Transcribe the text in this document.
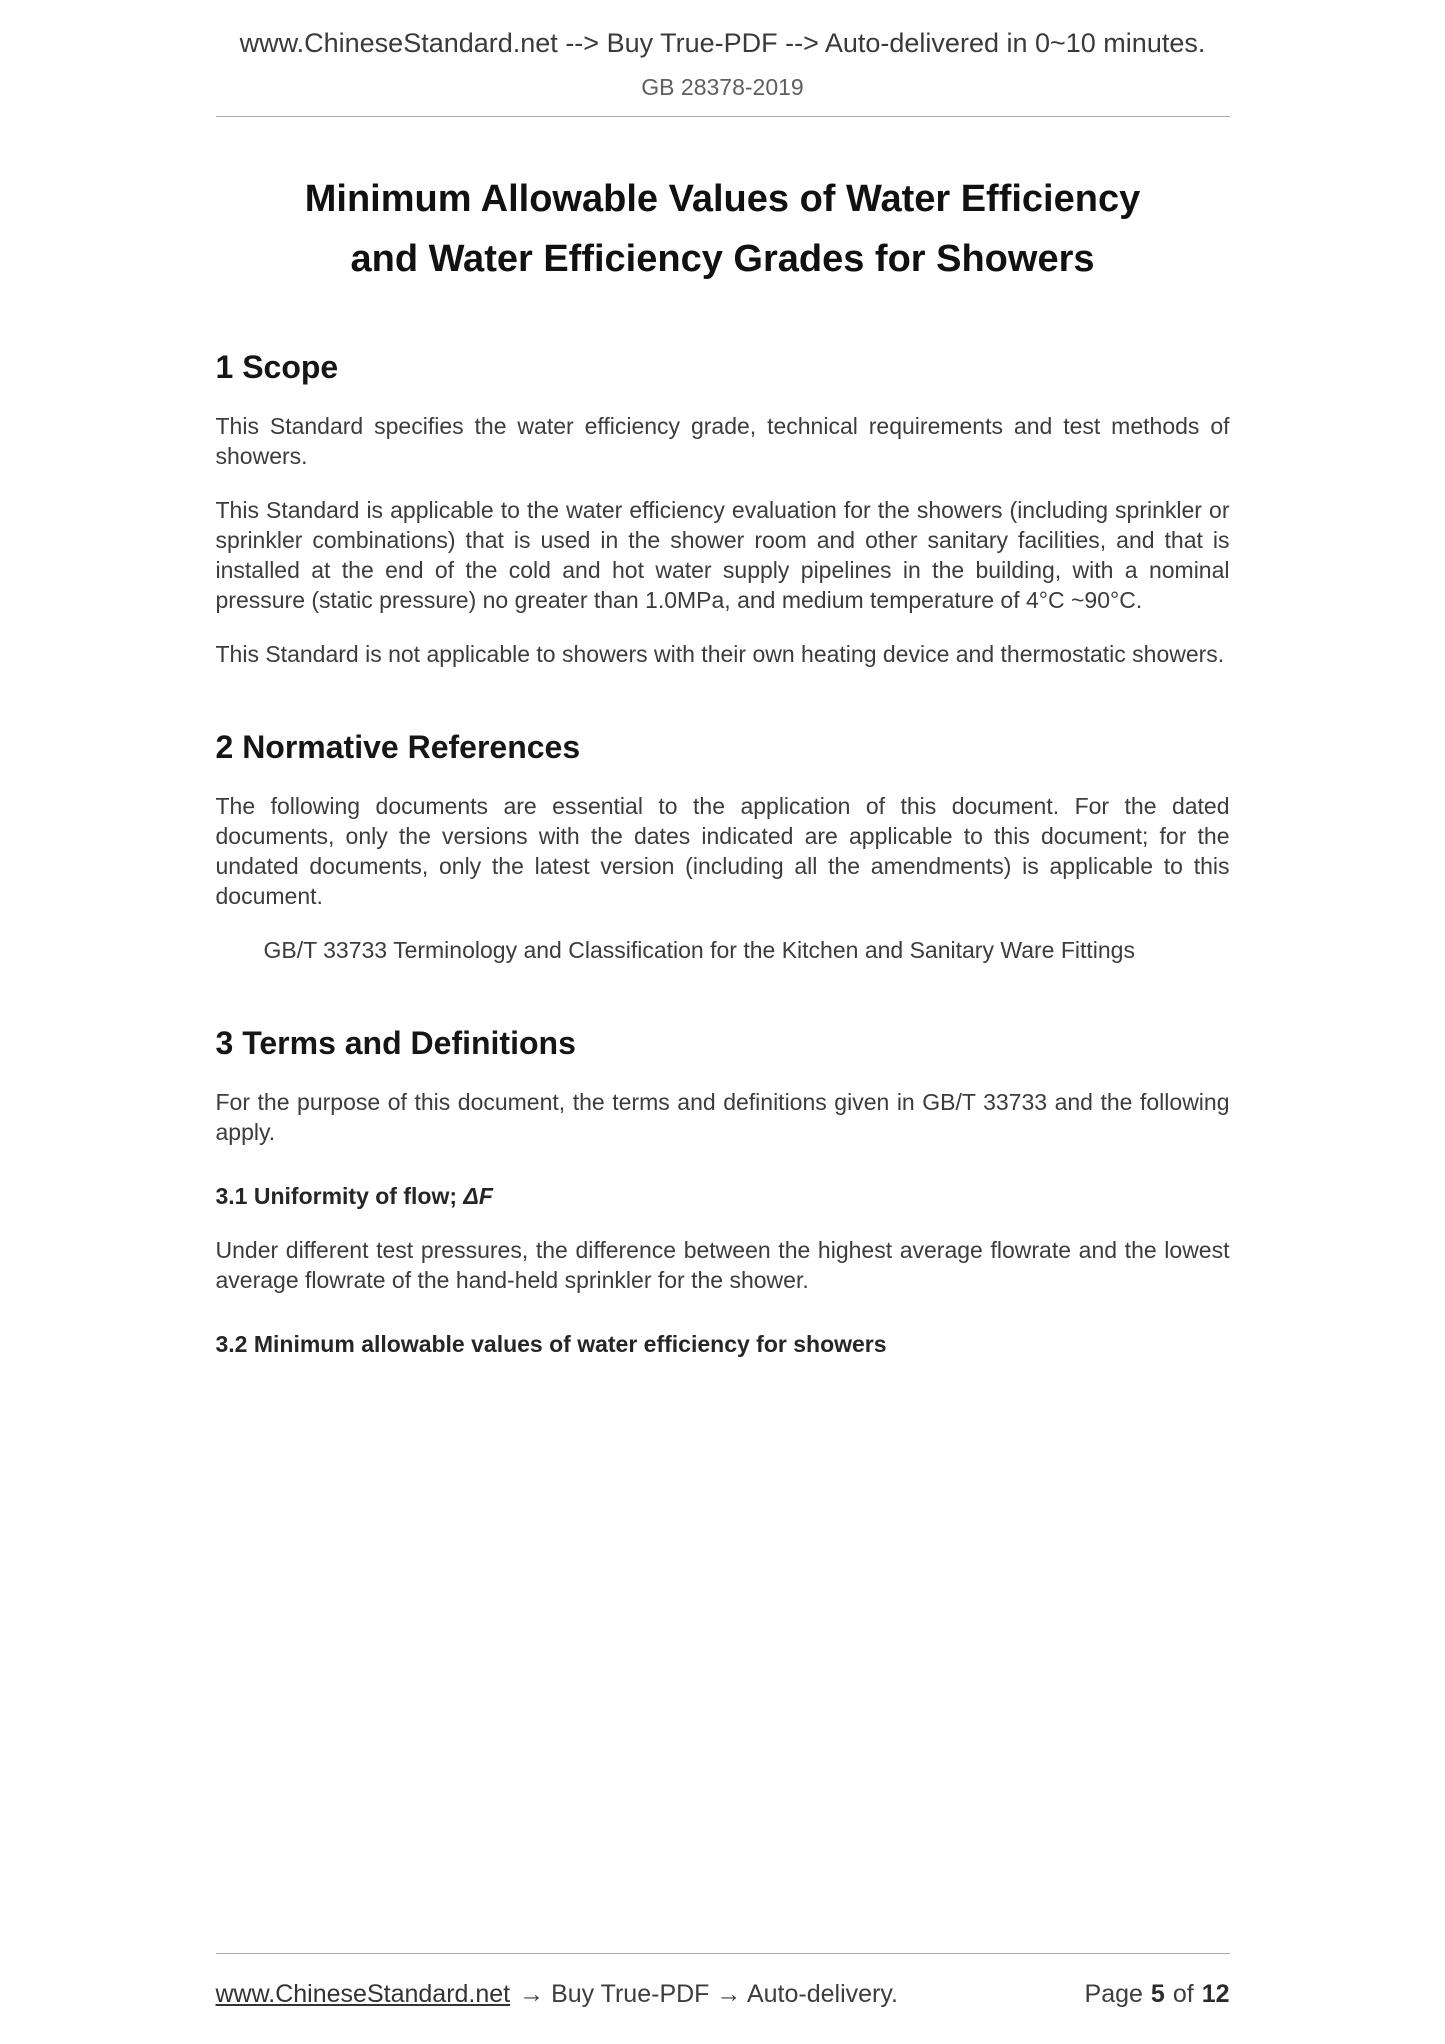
www.ChineseStandard.net --> Buy True-PDF --> Auto-delivered in 0~10 minutes.
GB 28378-2019
Minimum Allowable Values of Water Efficiency
and Water Efficiency Grades for Showers
1 Scope

This Standard specifies the water efficiency grade, technical requirements and test methods of showers.

This Standard is applicable to the water efficiency evaluation for the showers (including sprinkler or sprinkler combinations) that is used in the shower room and other sanitary facilities, and that is installed at the end of the cold and hot water supply pipelines in the building, with a nominal pressure (static pressure) no greater than 1.0MPa, and medium temperature of 4°C ~90°C.

This Standard is not applicable to showers with their own heating device and thermostatic showers.

2 Normative References

The following documents are essential to the application of this document. For the dated documents, only the versions with the dates indicated are applicable to this document; for the undated documents, only the latest version (including all the amendments) is applicable to this document.

GB/T 33733 Terminology and Classification for the Kitchen and Sanitary Ware Fittings

3 Terms and Definitions

For the purpose of this document, the terms and definitions given in GB/T 33733 and the following apply.

3.1 Uniformity of flow; ΔF

Under different test pressures, the difference between the highest average flowrate and the lowest average flowrate of the hand-held sprinkler for the shower.

3.2 Minimum allowable values of water efficiency for showers
www.ChineseStandard.net → Buy True-PDF → Auto-delivery.	Page 5 of 12
